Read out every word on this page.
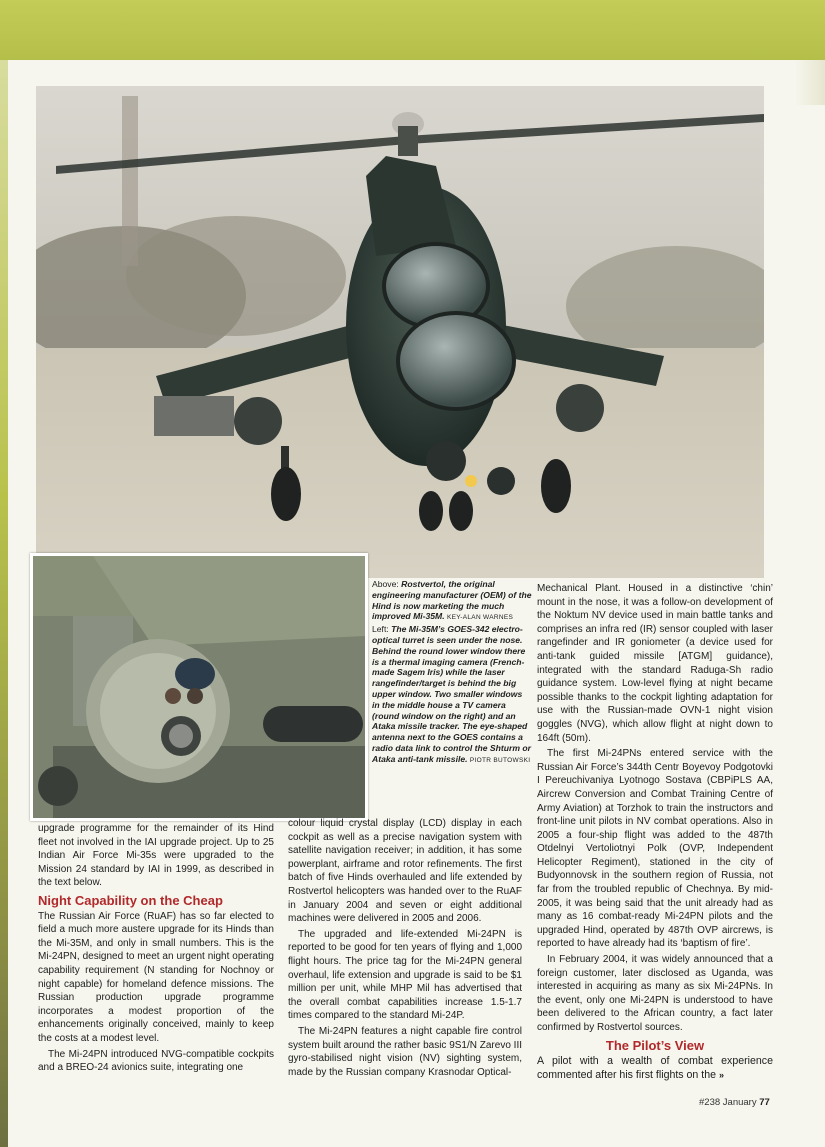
Above: Rostvertol, the original engineering manufacturer (OEM) of the Hind is now marketing the much improved Mi-35M. KEY-ALAN WARNES
Left: The Mi-35M’s GOES-342 electro-optical turret is seen under the nose. Behind the round lower window there is a thermal imaging camera (French-made Sagem Iris) while the laser rangefinder/target is behind the big upper window. Two smaller windows in the middle house a TV camera (round window on the right) and an Ataka missile tracker. The eye-shaped antenna next to the GOES contains a radio data link to control the Shturm or Ataka anti-tank missile. PIOTR BUTOWSKI

upgrade programme for the remainder of its Hind fleet not involved in the IAI upgrade project. Up to 25 Indian Air Force Mi-35s were upgraded to the Mission 24 standard by IAI in 1999, as described in the text below.

Night Capability on the Cheap

The Russian Air Force (RuAF) has so far elected to field a much more austere upgrade for its Hinds than the Mi-35M, and only in small numbers. This is the Mi-24PN, designed to meet an urgent night operating capability requirement (N standing for Nochnoy or night capable) for homeland defence missions. The Russian production upgrade programme incorporates a modest proportion of the enhancements originally conceived, mainly to keep the costs at a modest level.

The Mi-24PN introduced NVG-compatible cockpits and a BREO-24 avionics suite, integrating one

colour liquid crystal display (LCD) display in each cockpit as well as a precise navigation system with satellite navigation receiver; in addition, it has some powerplant, airframe and rotor refinements. The first batch of five Hinds overhauled and life extended by Rostvertol helicopters was handed over to the RuAF in January 2004 and seven or eight additional machines were delivered in 2005 and 2006.

The upgraded and life-extended Mi-24PN is reported to be good for ten years of flying and 1,000 flight hours. The price tag for the Mi-24PN general overhaul, life extension and upgrade is said to be $1 million per unit, while MHP Mil has advertised that the overall combat capabilities increase 1.5-1.7 times compared to the standard Mi-24P.

The Mi-24PN features a night capable fire control system built around the rather basic 9S1/N Zarevo III gyro-stabilised night vision (NV) sighting system, made by the Russian company Krasnodar Optical-

Mechanical Plant. Housed in a distinctive ‘chin’ mount in the nose, it was a follow-on development of the Noktum NV device used in main battle tanks and comprises an infra red (IR) sensor coupled with laser rangefinder and IR goniometer (a device used for anti-tank guided missile [ATGM] guidance), integrated with the standard Raduga-Sh radio guidance system. Low-level flying at night became possible thanks to the cockpit lighting adaptation for use with the Russian-made OVN-1 night vision goggles (NVG), which allow flight at night down to 164ft (50m).

The first Mi-24PNs entered service with the Russian Air Force’s 344th Centr Boyevoy Podgotovki I Pereuchivaniya Lyotnogo Sostava (CBPiPLS AA, Aircrew Conversion and Combat Training Centre of Army Aviation) at Torzhok to train the instructors and front-line unit pilots in NV combat operations. Also in 2005 a four-ship flight was added to the 487th Otdelnyi Vertoliotnyi Polk (OVP, Independent Helicopter Regiment), stationed in the city of Budyonnovsk in the southern region of Russia, not far from the troubled republic of Chechnya. By mid-2005, it was being said that the unit already had as many as 16 combat-ready Mi-24PN pilots and the upgraded Hind, operated by 487th OVP aircrews, is reported to have already had its ‘baptism of fire’.

In February 2004, it was widely announced that a foreign customer, later disclosed as Uganda, was interested in acquiring as many as six Mi-24PNs. In the event, only one Mi-24PN is understood to have been delivered to the African country, a fact later confirmed by Rostvertol sources.

The Pilot’s View

A pilot with a wealth of combat experience commented after his first flights on the »

#238 January 77
